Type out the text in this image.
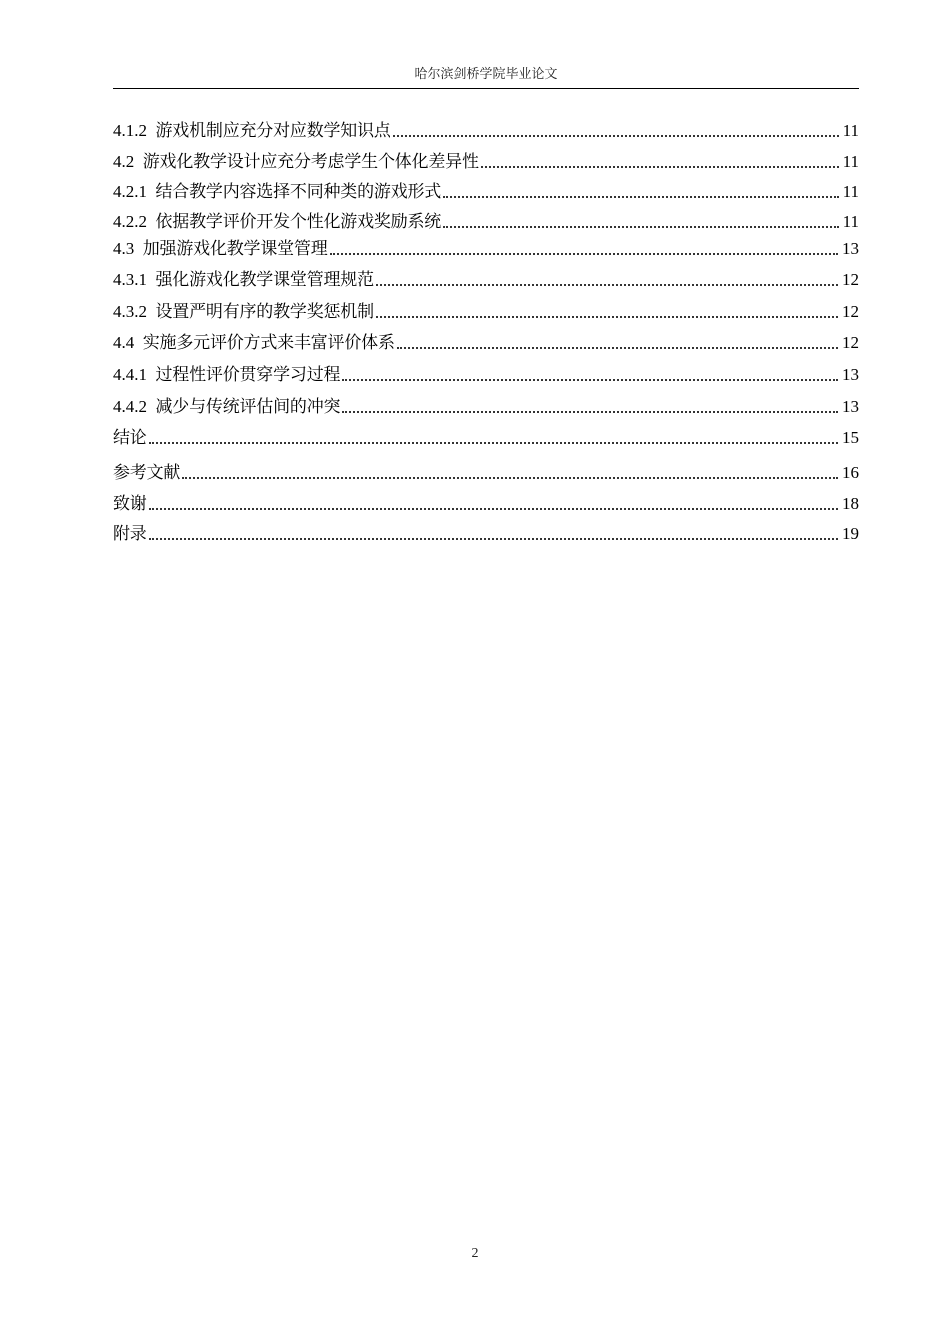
哈尔滨剑桥学院毕业论文
4.1.2 游戏机制应充分对应数学知识点	11
4.2 游戏化教学设计应充分考虑学生个体化差异性	11
4.2.1 结合教学内容选择不同种类的游戏形式	11
4.2.2 依据教学评价开发个性化游戏奖励系统	11
4.3 加强游戏化教学课堂管理	13
4.3.1 强化游戏化教学课堂管理规范	12
4.3.2 设置严明有序的教学奖惩机制	12
4.4 实施多元评价方式来丰富评价体系	12
4.4.1 过程性评价贯穿学习过程	13
4.4.2 减少与传统评估间的冲突	13
结论	15
参考文献	16
致谢	18
附录	19
2
